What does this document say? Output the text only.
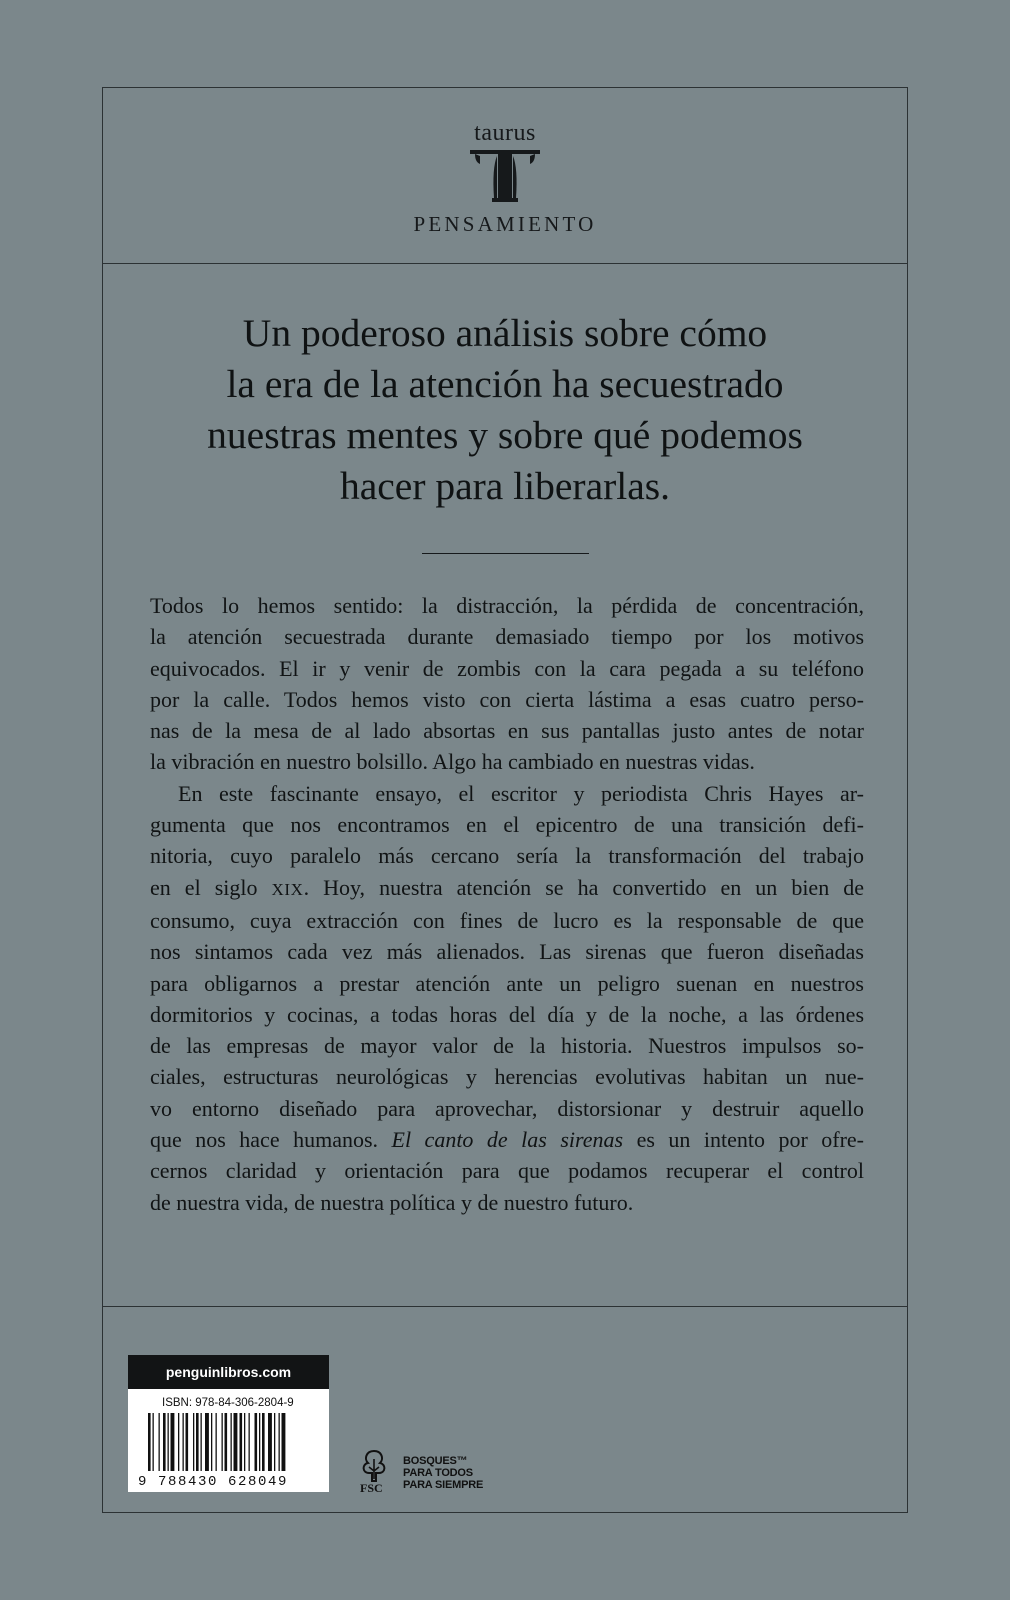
taurus
PENSAMIENTO
Un poderoso análisis sobre cómo
la era de la atención ha secuestrado
nuestras mentes y sobre qué podemos
hacer para liberarlas.
Todos lo hemos sentido: la distracción, la pérdida de concentración,
la atención secuestrada durante demasiado tiempo por los motivos
equivocados. El ir y venir de zombis con la cara pegada a su teléfono
por la calle. Todos hemos visto con cierta lástima a esas cuatro perso-
nas de la mesa de al lado absortas en sus pantallas justo antes de notar
la vibración en nuestro bolsillo. Algo ha cambiado en nuestras vidas.
En este fascinante ensayo, el escritor y periodista Chris Hayes ar-
gumenta que nos encontramos en el epicentro de una transición defi-
nitoria, cuyo paralelo más cercano sería la transformación del trabajo
en el siglo XIX. Hoy, nuestra atención se ha convertido en un bien de
consumo, cuya extracción con fines de lucro es la responsable de que
nos sintamos cada vez más alienados. Las sirenas que fueron diseñadas
para obligarnos a prestar atención ante un peligro suenan en nuestros
dormitorios y cocinas, a todas horas del día y de la noche, a las órdenes
de las empresas de mayor valor de la historia. Nuestros impulsos so-
ciales, estructuras neurológicas y herencias evolutivas habitan un nue-
vo entorno diseñado para aprovechar, distorsionar y destruir aquello
que nos hace humanos. El canto de las sirenas es un intento por ofre-
cernos claridad y orientación para que podamos recuperar el control
de nuestra vida, de nuestra política y de nuestro futuro.
penguinlibros.com
ISBN: 978-84-306-2804-9
9 788430 628049	FSC
BOSQUES™
PARA TODOS
PARA SIEMPRE
